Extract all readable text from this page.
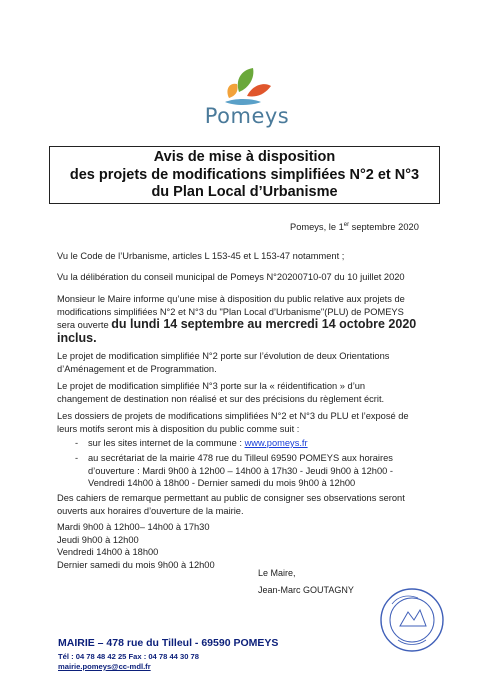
Pomeys
Avis de mise à disposition
des projets de modifications simplifiées N°2 et N°3
du Plan Local d’Urbanisme
Pomeys, le 1er septembre 2020
Vu le Code de l’Urbanisme, articles L 153-45 et L 153-47 notamment ;
Vu la délibération du conseil municipal de Pomeys N°20200710-07 du 10 juillet 2020
Monsieur le Maire informe qu’une mise à disposition du public relative aux projets de
modifications simplifiées N°2 et N°3 du "Plan Local d’Urbanisme"(PLU) de POMEYS
sera ouverte du lundi 14 septembre au mercredi 14 octobre 2020
inclus.
Le projet de modification simplifiée N°2 porte sur l’évolution de deux Orientations
d’Aménagement et de Programmation.
Le projet de modification simplifiée N°3 porte sur la « réidentification » d’un
changement de destination non réalisé et sur des précisions du règlement écrit.
Les dossiers de projets de modifications simplifiées N°2 et N°3 du PLU et l’exposé de
leurs motifs seront mis à disposition du public comme suit :
- sur les sites internet de la commune : www.pomeys.fr
- au secrétariat de la mairie 478 rue du Tilleul 69590 POMEYS aux horaires
d’ouverture : Mardi 9h00 à 12h00 – 14h00 à 17h30 - Jeudi 9h00 à 12h00 -
Vendredi 14h00 à 18h00 - Dernier samedi du mois 9h00 à 12h00
Des cahiers de remarque permettant au public de consigner ses observations seront
ouverts aux horaires d’ouverture de la mairie.
Mardi 9h00 à 12h00– 14h00 à 17h30
Jeudi 9h00 à 12h00
Vendredi 14h00 à 18h00
Dernier samedi du mois 9h00 à 12h00
Le Maire,
Jean-Marc GOUTAGNY
MAIRIE – 478 rue du Tilleul - 69590 POMEYS
Tél : 04 78 48 42 25 Fax : 04 78 44 30 78
mairie.pomeys@cc-mdl.fr
